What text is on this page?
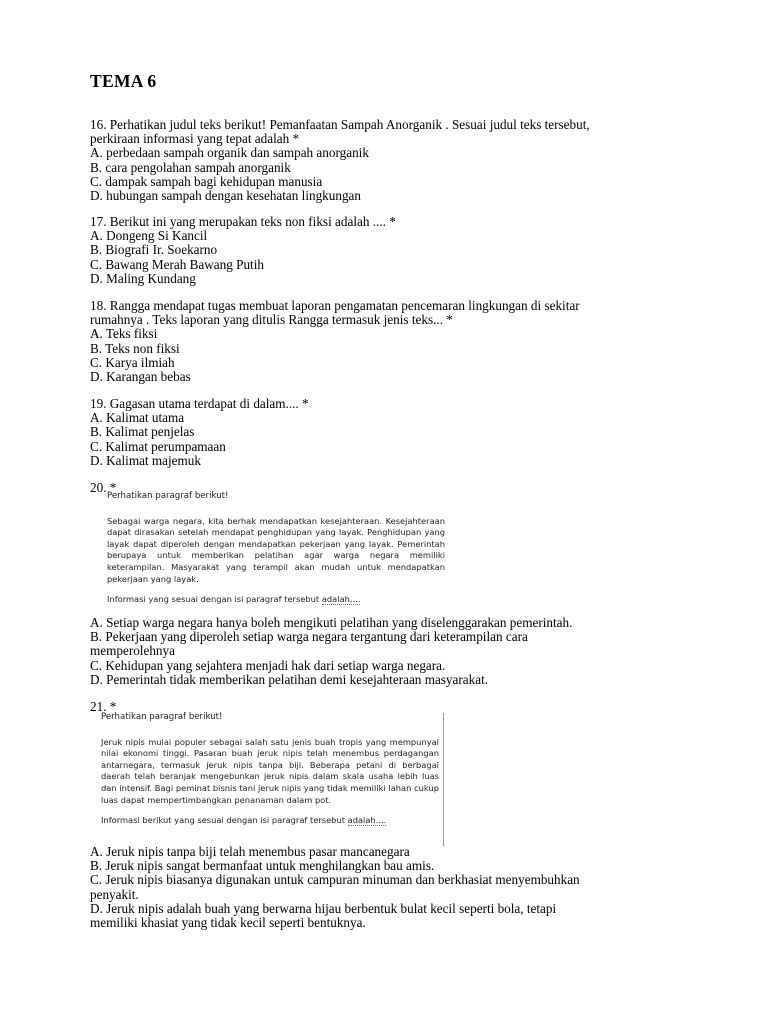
TEMA 6
16. Perhatikan judul teks berikut! Pemanfaatan Sampah Anorganik . Sesuai judul teks tersebut,
perkiraan informasi yang tepat adalah *
A. perbedaan sampah organik dan sampah anorganik
B. cara pengolahan sampah anorganik
C. dampak sampah bagi kehidupan manusia
D. hubungan sampah dengan kesehatan lingkungan
17. Berikut ini yang merupakan teks non fiksi adalah .... *
A. Dongeng Si Kancil
B. Biografi Ir. Soekarno
C. Bawang Merah Bawang Putih
D. Maling Kundang
18. Rangga mendapat tugas membuat laporan pengamatan pencemaran lingkungan di sekitar
rumahnya . Teks laporan yang ditulis Rangga termasuk jenis teks... *
A. Teks fiksi
B. Teks non fiksi
C. Karya ilmiah
D. Karangan bebas
19. Gagasan utama terdapat di dalam.... *
A. Kalimat utama
B. Kalimat penjelas
C. Kalimat perumpamaan
D. Kalimat majemuk
20. *
Perhatikan paragraf berikut!
Sebagai warga negara, kita berhak mendapatkan kesejahteraan. Kesejahteraan dapat dirasakan setelah mendapat penghidupan yang layak. Penghidupan yang layak dapat diperoleh dengan mendapatkan pekerjaan yang layak. Pemerintah berupaya untuk memberikan pelatihan agar warga negara memiliki keterampilan. Masyarakat yang terampil akan mudah untuk mendapatkan pekerjaan yang layak.
Informasi yang sesuai dengan isi paragraf tersebut adalah....
A. Setiap warga negara hanya boleh mengikuti pelatihan yang diselenggarakan pemerintah.
B. Pekerjaan yang diperoleh setiap warga negara tergantung dari keterampilan cara
memperolehnya
C. Kehidupan yang sejahtera menjadi hak dari setiap warga negara.
D. Pemerintah tidak memberikan pelatihan demi kesejahteraan masyarakat.
21. *
Perhatikan paragraf berikut!
Jeruk nipis mulai populer sebagai salah satu jenis buah tropis yang mempunyai nilai ekonomi tinggi. Pasaran buah jeruk nipis telah menembus perdagangan antarnegara, termasuk jeruk nipis tanpa biji. Beberapa petani di berbagai daerah telah beranjak mengebunkan jeruk nipis dalam skala usaha lebih luas dan intensif. Bagi peminat bisnis tani jeruk nipis yang tidak memiliki lahan cukup luas dapat mempertimbangkan penanaman dalam pot.
Informasi berikut yang sesuai dengan isi paragraf tersebut adalah....
A. Jeruk nipis tanpa biji telah menembus pasar mancanegara
B. Jeruk nipis sangat bermanfaat untuk menghilangkan bau amis.
C. Jeruk nipis biasanya digunakan untuk campuran minuman dan berkhasiat menyembuhkan
penyakit.
D. Jeruk nipis adalah buah yang berwarna hijau berbentuk bulat kecil seperti bola, tetapi
memiliki khasiat yang tidak kecil seperti bentuknya.
